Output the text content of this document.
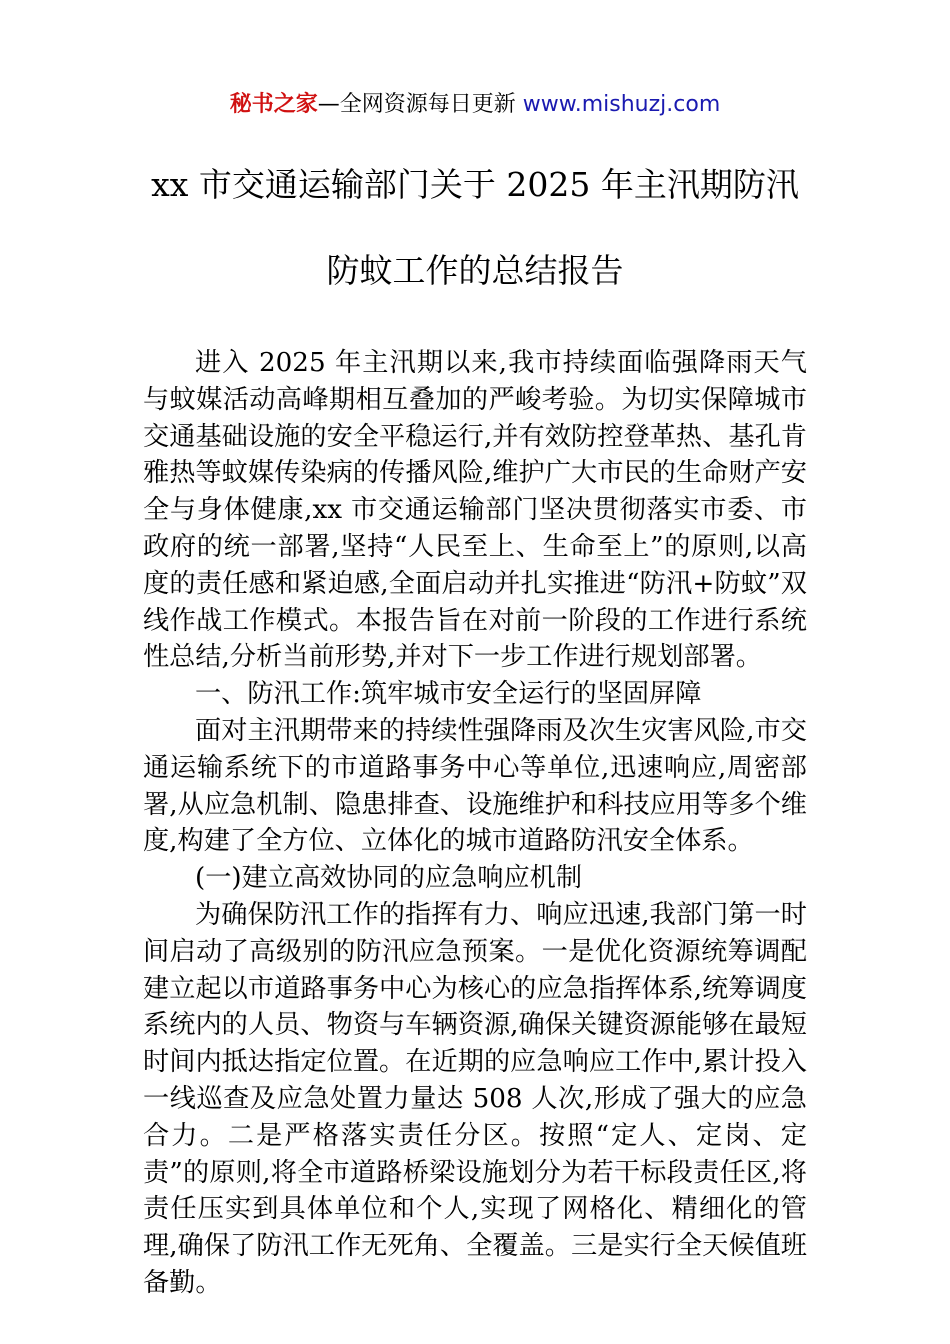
秘书之家—全网资源每日更新 www.mishuzj.com
xx 市交通运输部门关于 2025 年主汛期防汛
防蚊工作的总结报告

进入 2025 年主汛期以来,我市持续面临强降雨天气与蚊媒活动高峰期相互叠加的严峻考验。为切实保障城市交通基础设施的安全平稳运行,并有效防控登革热、基孔肯雅热等蚊媒传染病的传播风险,维护广大市民的生命财产安全与身体健康,xx 市交通运输部门坚决贯彻落实市委、市政府的统一部署,坚持“人民至上、生命至上”的原则,以高度的责任感和紧迫感,全面启动并扎实推进“防汛+防蚊”双线作战工作模式。本报告旨在对前一阶段的工作进行系统性总结,分析当前形势,并对下一步工作进行规划部署。

一、防汛工作:筑牢城市安全运行的坚固屏障

面对主汛期带来的持续性强降雨及次生灾害风险,市交通运输系统下的市道路事务中心等单位,迅速响应,周密部署,从应急机制、隐患排查、设施维护和科技应用等多个维度,构建了全方位、立体化的城市道路防汛安全体系。

(一)建立高效协同的应急响应机制

为确保防汛工作的指挥有力、响应迅速,我部门第一时间启动了高级别的防汛应急预案。一是优化资源统筹调配建立起以市道路事务中心为核心的应急指挥体系,统筹调度系统内的人员、物资与车辆资源,确保关键资源能够在最短时间内抵达指定位置。在近期的应急响应工作中,累计投入一线巡查及应急处置力量达 508 人次,形成了强大的应急合力。二是严格落实责任分区。按照“定人、定岗、定责”的原则,将全市道路桥梁设施划分为若干标段责任区,将责任压实到具体单位和个人,实现了网格化、精细化的管理,确保了防汛工作无死角、全覆盖。三是实行全天候值班备勤。
